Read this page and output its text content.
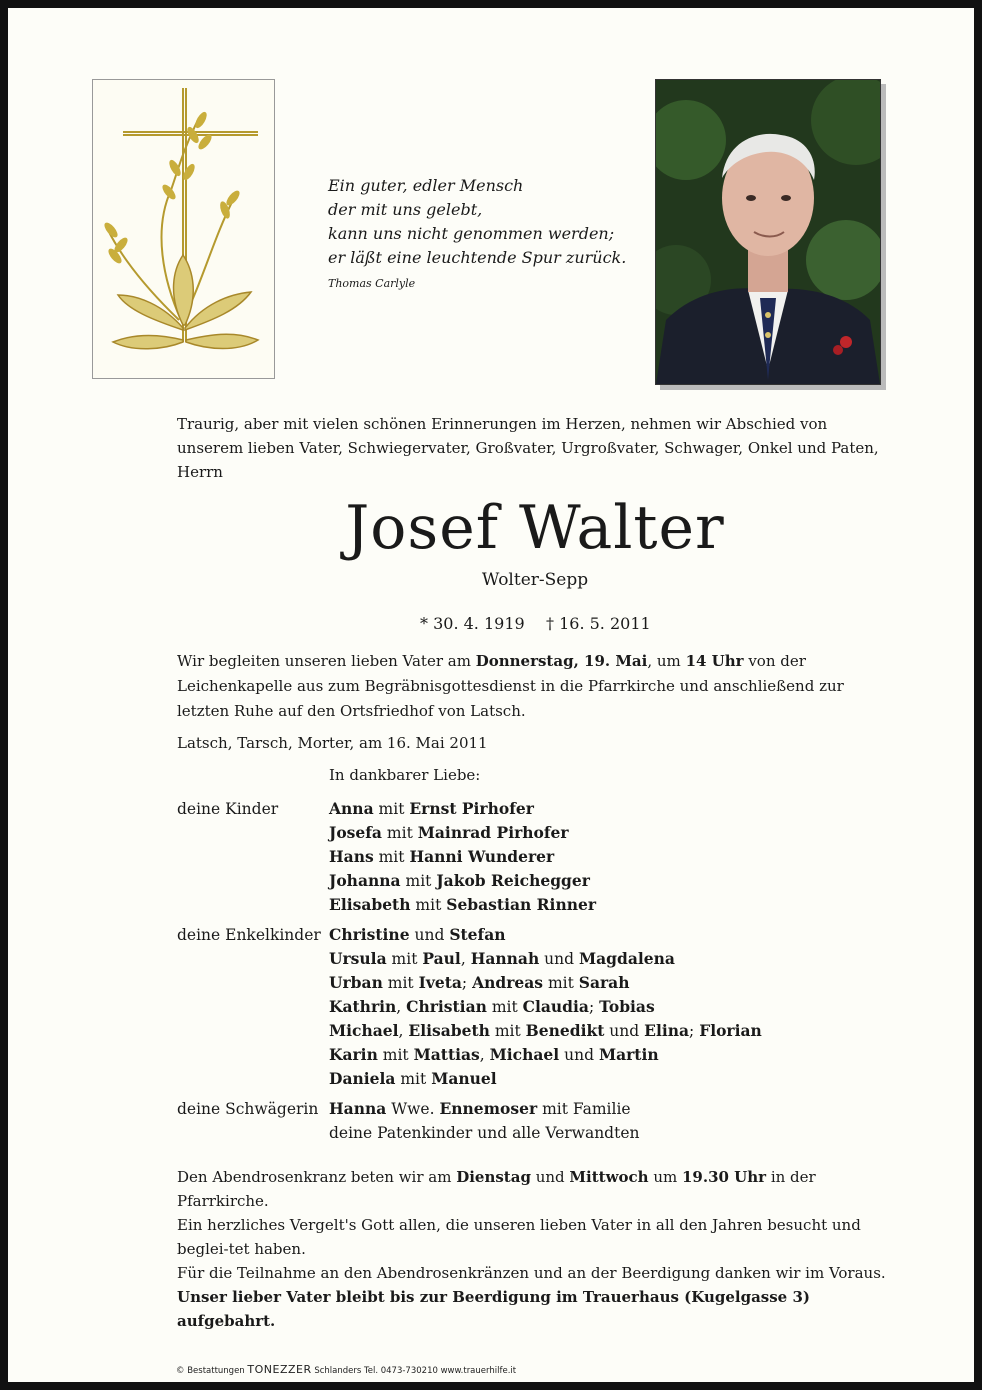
Ein guter, edler Mensch
der mit uns gelebt,
kann uns nicht genommen werden;
er läßt eine leuchtende Spur zurück.
Thomas Carlyle
Traurig, aber mit vielen schönen Erinnerungen im Herzen, nehmen wir Abschied von unserem lieben Vater, Schwiegervater, Großvater, Urgroßvater, Schwager, Onkel und Paten, Herrn
Josef Walter
Wolter-Sepp
* 30. 4. 1919 † 16. 5. 2011
Wir begleiten unseren lieben Vater am Donnerstag, 19. Mai, um 14 Uhr von der Leichenkapelle aus zum Begräbnisgottesdienst in die Pfarrkirche und anschließend zur letzten Ruhe auf den Ortsfriedhof von Latsch.
Latsch, Tarsch, Morter, am 16. Mai 2011
In dankbarer Liebe:
deine Kinder	Anna mit Ernst Pirhofer
Josefa mit Mainrad Pirhofer
Hans mit Hanni Wunderer
Johanna mit Jakob Reichegger
Elisabeth mit Sebastian Rinner
deine Enkelkinder Christine und Stefan
Ursula mit Paul, Hannah und Magdalena
Urban mit Iveta; Andreas mit Sarah
Kathrin, Christian mit Claudia; Tobias
Michael, Elisabeth mit Benedikt und Elina; Florian
Karin mit Mattias, Michael und Martin
Daniela mit Manuel
deine Schwägerin Hanna Wwe. Ennemoser mit Familie
deine Patenkinder und alle Verwandten
Den Abendrosenkranz beten wir am Dienstag und Mittwoch um 19.30 Uhr in der Pfarrkirche.
Ein herzliches Vergelt's Gott allen, die unseren lieben Vater in all den Jahren besucht und beglei-tet haben.
Für die Teilnahme an den Abendrosenkränzen und an der Beerdigung danken wir im Voraus.
Unser lieber Vater bleibt bis zur Beerdigung im Trauerhaus (Kugelgasse 3) aufgebahrt.
© Bestattungen TONEZZER Schlanders Tel. 0473-730210 www.trauerhilfe.it
